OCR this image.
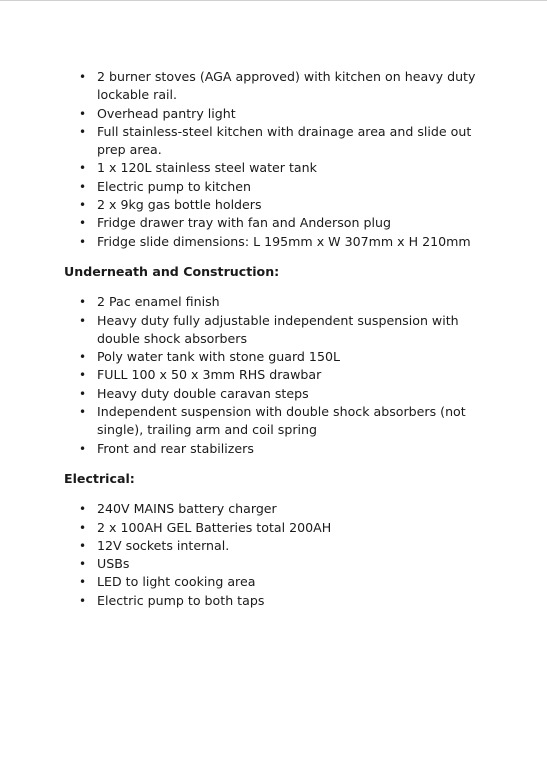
• 2 burner stoves (AGA approved) with kitchen on heavy duty lockable rail.
• Overhead pantry light
• Full stainless-steel kitchen with drainage area and slide out prep area.
• 1 x 120L stainless steel water tank
• Electric pump to kitchen
• 2 x 9kg gas bottle holders
• Fridge drawer tray with fan and Anderson plug
• Fridge slide dimensions: L 195mm x W 307mm x H 210mm

Underneath and Construction:

• 2 Pac enamel finish
• Heavy duty fully adjustable independent suspension with double shock absorbers
• Poly water tank with stone guard 150L
• FULL 100 x 50 x 3mm RHS drawbar
• Heavy duty double caravan steps
• Independent suspension with double shock absorbers (not single), trailing arm and coil spring
• Front and rear stabilizers

Electrical:

• 240V MAINS battery charger
• 2 x 100AH GEL Batteries total 200AH
• 12V sockets internal.
• USBs
• LED to light cooking area
• Electric pump to both taps
